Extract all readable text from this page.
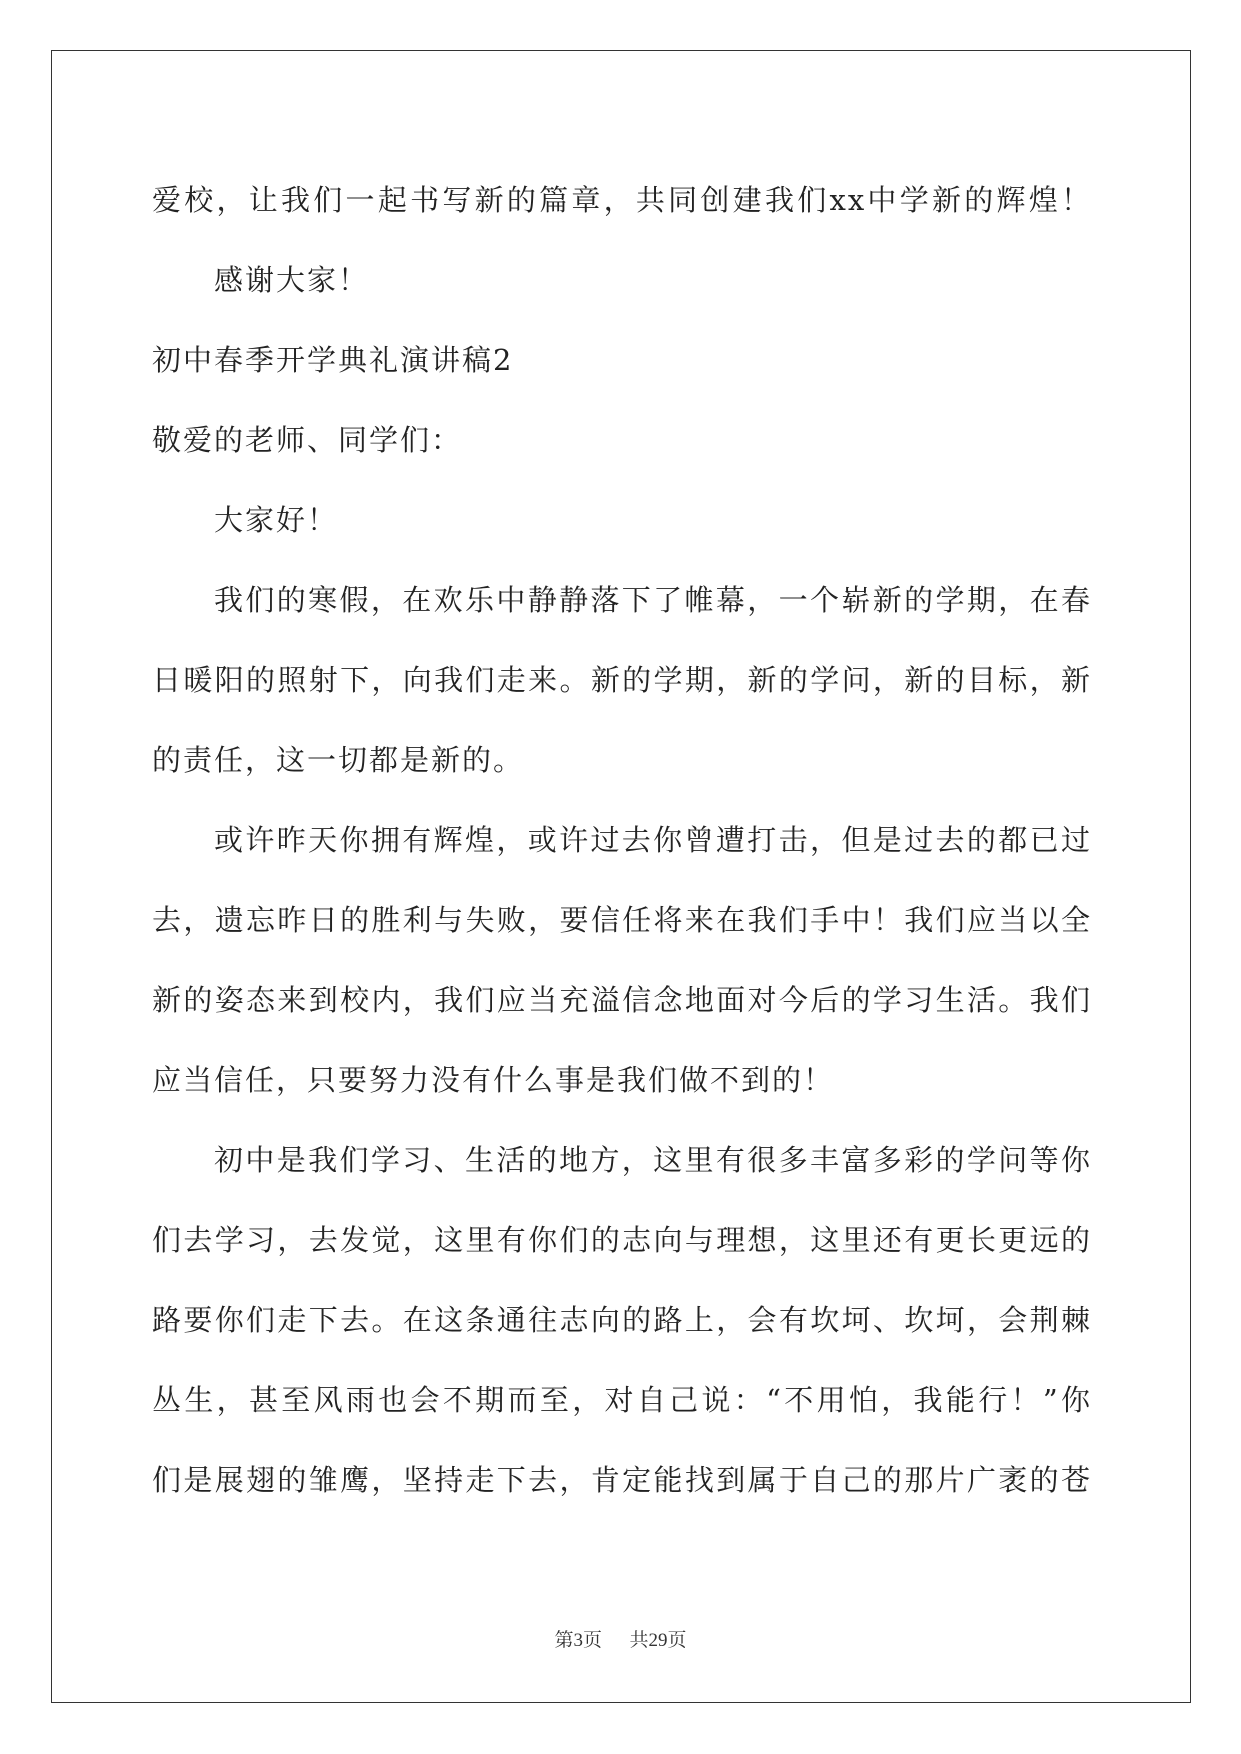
爱校，让我们一起书写新的篇章，共同创建我们xx中学新的辉煌！
感谢大家！
初中春季开学典礼演讲稿2
敬爱的老师、同学们：
大家好！
我们的寒假，在欢乐中静静落下了帷幕，一个崭新的学期，在春
日暖阳的照射下，向我们走来。新的学期，新的学问，新的目标，新
的责任，这一切都是新的。
或许昨天你拥有辉煌，或许过去你曾遭打击，但是过去的都已过
去，遗忘昨日的胜利与失败，要信任将来在我们手中！我们应当以全
新的姿态来到校内，我们应当充溢信念地面对今后的学习生活。我们
应当信任，只要努力没有什么事是我们做不到的！
初中是我们学习、生活的地方，这里有很多丰富多彩的学问等你
们去学习，去发觉，这里有你们的志向与理想，这里还有更长更远的
路要你们走下去。在这条通往志向的路上，会有坎坷、坎坷，会荆棘
丛生，甚至风雨也会不期而至，对自己说：“不用怕，我能行！”你
们是展翅的雏鹰，坚持走下去，肯定能找到属于自己的那片广袤的苍
第3页 共29页
